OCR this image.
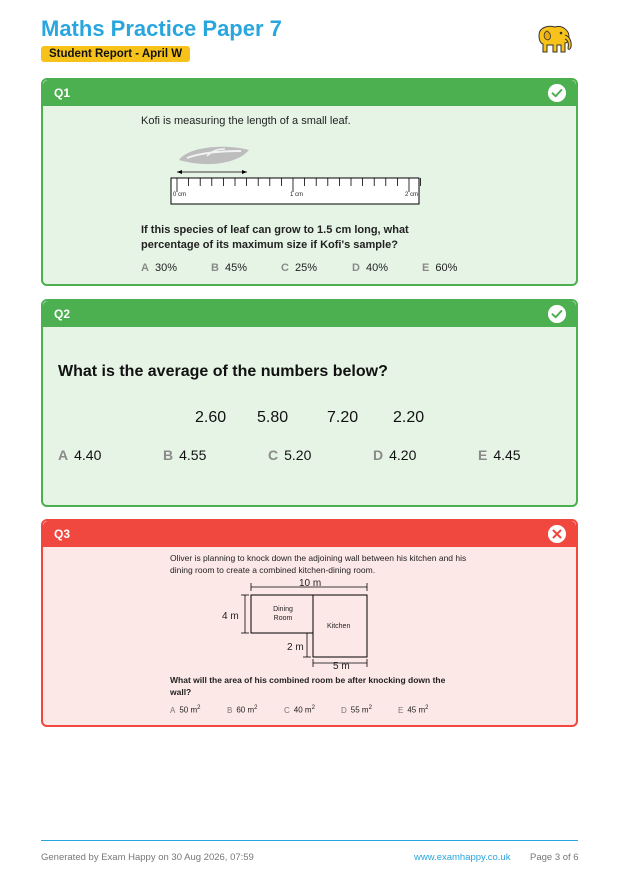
Maths Practice Paper 7
Student Report - April W
Q1
Kofi is measuring the length of a small leaf.
0 cm	1 cm	2 cm
If this species of leaf can grow to 1.5 cm long, what percentage of its maximum size if Kofi's sample?
A 30%	B 45%	C 25%	D 40%	E 60%
Q2
What is the average of the numbers below?
2.60 5.80 7.20 2.20
A 4.40	B 4.55	C 5.20	D 4.20	E 4.45
Q3
Oliver is planning to knock down the adjoining wall between his kitchen and his dining room to create a combined kitchen-dining room.
10 m
4 m
Dining
Room
Kitchen
2 m
5 m
What will the area of his combined room be after knocking down the wall?
A 50 $m^2$	B 60 $m^2$	C 40 $m^2$	D 55 $m^2$	E 45 $m^2$
Generated by Exam Happy on 30 Aug 2026, 07:59	www.examhappy.co.uk Page 3 of 6
